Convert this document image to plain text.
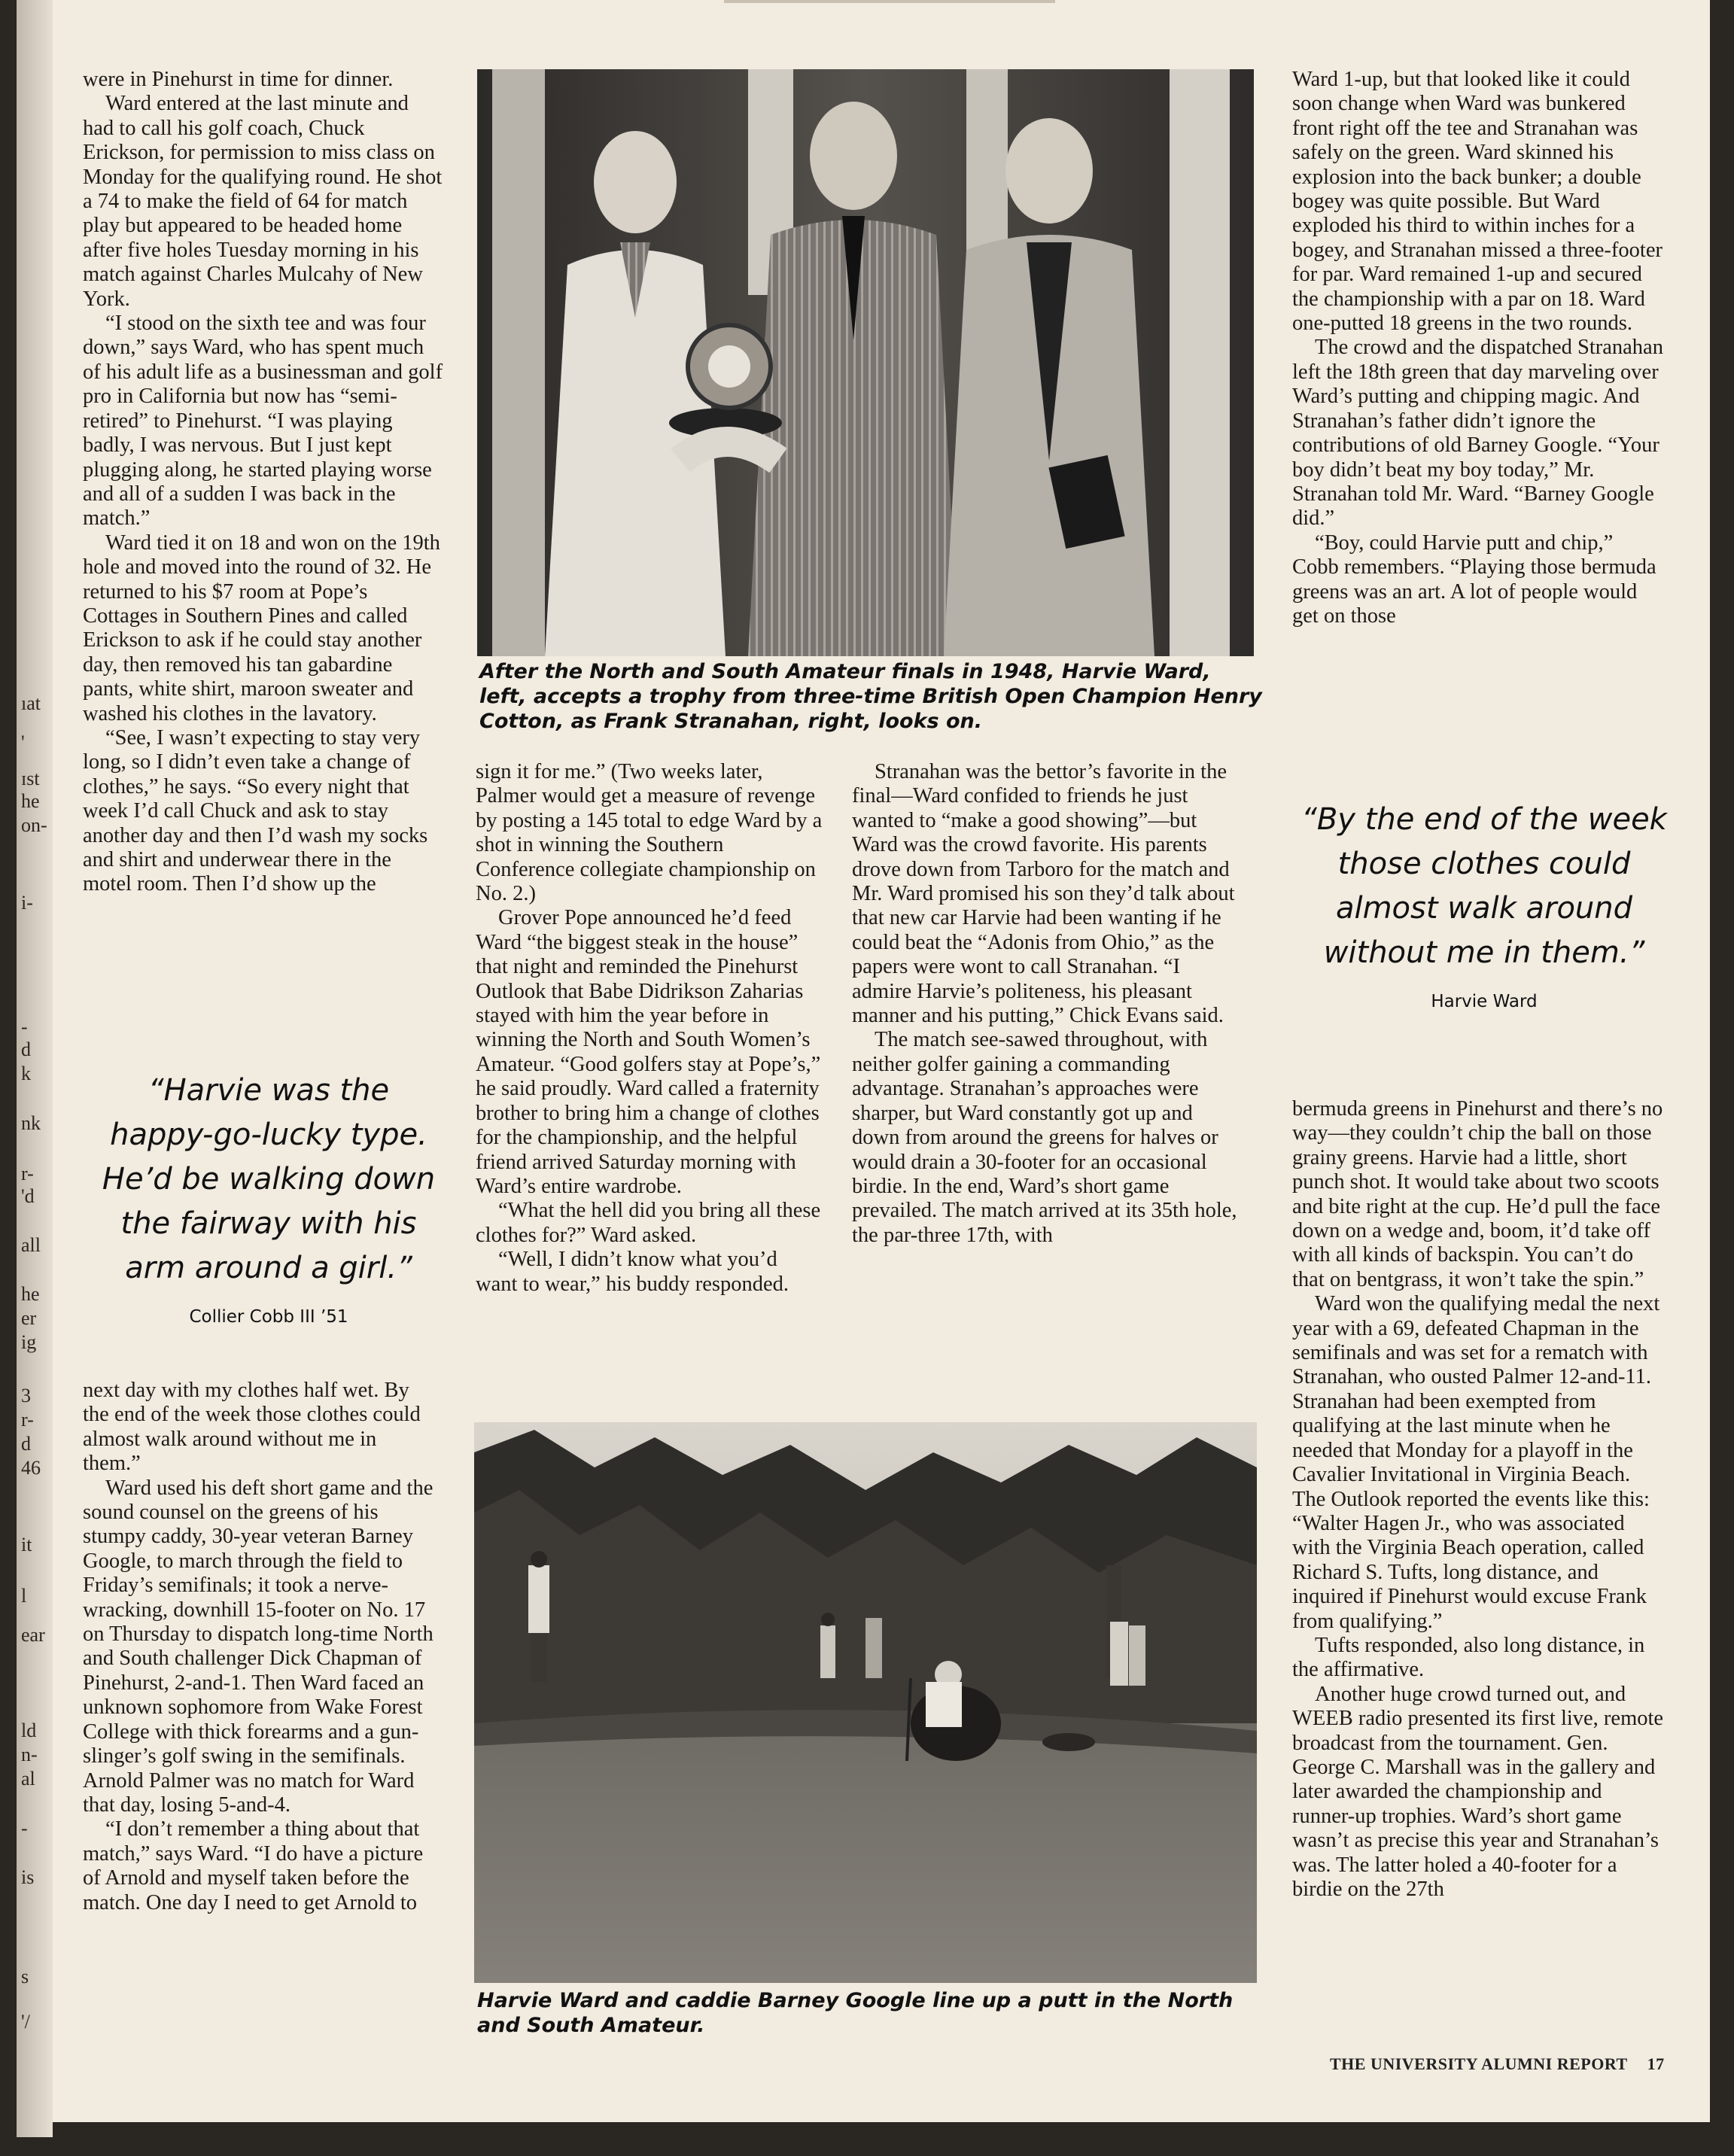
ıat
'
ɪst
he
on-
i-
-
d
k
nk
r-
'd
all
he
er
ig
3
r-
d
46
it
l
ear
ld
n-
al
-
is
s
'/

were in Pinehurst in time for dinner.

Ward entered at the last minute and had to call his golf coach, Chuck Erickson, for permission to miss class on Monday for the qualifying round. He shot a 74 to make the field of 64 for match play but appeared to be headed home after five holes Tuesday morning in his match against Charles Mulcahy of New York.

“I stood on the sixth tee and was four down,” says Ward, who has spent much of his adult life as a businessman and golf pro in California but now has “semi-retired” to Pinehurst. “I was playing badly, I was nervous. But I just kept plugging along, he started playing worse and all of a sudden I was back in the match.”

Ward tied it on 18 and won on the 19th hole and moved into the round of 32. He returned to his $7 room at Pope’s Cottages in Southern Pines and called Erickson to ask if he could stay another day, then removed his tan gabardine pants, white shirt, maroon sweater and washed his clothes in the lavatory.

“See, I wasn’t expecting to stay very long, so I didn’t even take a change of clothes,” he says. “So every night that week I’d call Chuck and ask to stay another day and then I’d wash my socks and shirt and underwear there in the motel room. Then I’d show up the

“Harvie was the happy-go-lucky type. He’d be walking down the fairway with his arm around a girl.”
Collier Cobb III ’51

next day with my clothes half wet. By the end of the week those clothes could almost walk around without me in them.”

Ward used his deft short game and the sound counsel on the greens of his stumpy caddy, 30-year veteran Barney Google, to march through the field to Friday’s semifinals; it took a nerve-wracking, downhill 15-footer on No. 17 on Thursday to dispatch long-time North and South challenger Dick Chapman of Pinehurst, 2-and-1. Then Ward faced an unknown sophomore from Wake Forest College with thick forearms and a gun-slinger’s golf swing in the semifinals. Arnold Palmer was no match for Ward that day, losing 5-and-4.

“I don’t remember a thing about that match,” says Ward. “I do have a picture of Arnold and myself taken before the match. One day I need to get Arnold to

After the North and South Amateur finals in 1948, Harvie Ward, left, accepts a trophy from three-time British Open Champion Henry Cotton, as Frank Stranahan, right, looks on.

sign it for me.” (Two weeks later, Palmer would get a measure of revenge by posting a 145 total to edge Ward by a shot in winning the Southern Conference collegiate championship on No. 2.)

Grover Pope announced he’d feed Ward “the biggest steak in the house” that night and reminded the Pinehurst Outlook that Babe Didrikson Zaharias stayed with him the year before in winning the North and South Women’s Amateur. “Good golfers stay at Pope’s,” he said proudly. Ward called a fraternity brother to bring him a change of clothes for the championship, and the helpful friend arrived Saturday morning with Ward’s entire wardrobe.

“What the hell did you bring all these clothes for?” Ward asked.

“Well, I didn’t know what you’d want to wear,” his buddy responded.

Stranahan was the bettor’s favorite in the final—Ward confided to friends he just wanted to “make a good showing”—but Ward was the crowd favorite. His parents drove down from Tarboro for the match and Mr. Ward promised his son they’d talk about that new car Harvie had been wanting if he could beat the “Adonis from Ohio,” as the papers were wont to call Stranahan. “I admire Harvie’s politeness, his pleasant manner and his putting,” Chick Evans said.

The match see-sawed throughout, with neither golfer gaining a commanding advantage. Stranahan’s approaches were sharper, but Ward constantly got up and down from around the greens for halves or would drain a 30-footer for an occasional birdie. In the end, Ward’s short game prevailed. The match arrived at its 35th hole, the par-three 17th, with

Harvie Ward and caddie Barney Google line up a putt in the North and South Amateur.

Ward 1-up, but that looked like it could soon change when Ward was bunkered front right off the tee and Stranahan was safely on the green. Ward skinned his explosion into the back bunker; a double bogey was quite possible. But Ward exploded his third to within inches for a bogey, and Stranahan missed a three-footer for par. Ward remained 1-up and secured the championship with a par on 18. Ward one-putted 18 greens in the two rounds.

The crowd and the dispatched Stranahan left the 18th green that day marveling over Ward’s putting and chipping magic. And Stranahan’s father didn’t ignore the contributions of old Barney Google. “Your boy didn’t beat my boy today,” Mr. Stranahan told Mr. Ward. “Barney Google did.”

“Boy, could Harvie putt and chip,” Cobb remembers. “Playing those bermuda greens was an art. A lot of people would get on those

“By the end of the week those clothes could almost walk around without me in them.”
Harvie Ward

bermuda greens in Pinehurst and there’s no way—they couldn’t chip the ball on those grainy greens. Harvie had a little, short punch shot. It would take about two scoots and bite right at the cup. He’d pull the face down on a wedge and, boom, it’d take off with all kinds of backspin. You can’t do that on bentgrass, it won’t take the spin.”

Ward won the qualifying medal the next year with a 69, defeated Chapman in the semifinals and was set for a rematch with Stranahan, who ousted Palmer 12-and-11. Stranahan had been exempted from qualifying at the last minute when he needed that Monday for a playoff in the Cavalier Invitational in Virginia Beach. The Outlook reported the events like this: “Walter Hagen Jr., who was associated with the Virginia Beach operation, called Richard S. Tufts, long distance, and inquired if Pinehurst would excuse Frank from qualifying.”

Tufts responded, also long distance, in the affirmative.

Another huge crowd turned out, and WEEB radio presented its first live, remote broadcast from the tournament. Gen. George C. Marshall was in the gallery and later awarded the championship and runner-up trophies. Ward’s short game wasn’t as precise this year and Stranahan’s was. The latter holed a 40-footer for a birdie on the 27th

THE UNIVERSITY ALUMNI REPORT 17
